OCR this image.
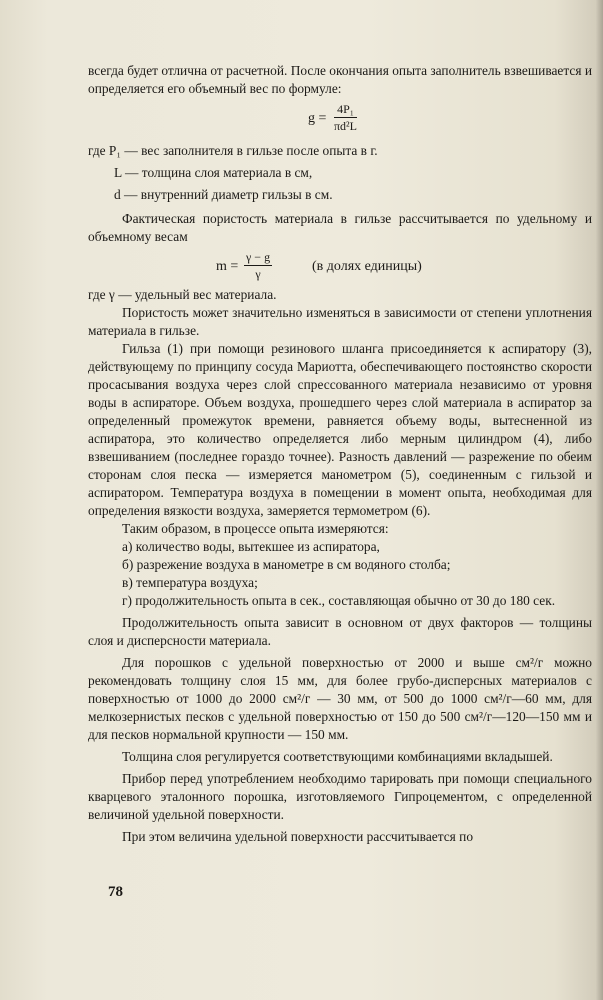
всегда будет отлична от расчетной. После окончания опыта заполнитель взвешивается и определяется его объемный вес по формуле:

$g = \frac{\text{4P₁}}{\text{πd²L}}$

где P₁ — вес заполнителя в гильзе после опыта в г.

L — толщина слоя материала в см,

d — внутренний диаметр гильзы в см.

Фактическая пористость материала в гильзе рассчитывается по удельному и объемному весам

$m = \frac{\gamma - g}{\gamma}$	(в долях единицы)

где γ — удельный вес материала.

Пористость может значительно изменяться в зависимости от степени уплотнения материала в гильзе.

Гильза (1) при помощи резинового шланга присоединяется к аспиратору (3), действующему по принципу сосуда Мариотта, обеспечивающего постоянство скорости просасывания воздуха через слой спрессованного материала независимо от уровня воды в аспираторе. Объем воздуха, прошедшего через слой материала в аспиратор за определенный промежуток времени, равняется объему воды, вытесненной из аспиратора, это количество определяется либо мерным цилиндром (4), либо взвешиванием (последнее гораздо точнее). Разность давлений — разрежение по обеим сторонам слоя песка — измеряется манометром (5), соединенным с гильзой и аспиратором. Температура воздуха в помещении в момент опыта, необходимая для определения вязкости воздуха, замеряется термометром (6).

Таким образом, в процессе опыта измеряются:

а) количество воды, вытекшее из аспиратора,

б) разрежение воздуха в манометре в см водяного столба;

в) температура воздуха;

г) продолжительность опыта в сек., составляющая обычно от 30 до 180 сек.

Продолжительность опыта зависит в основном от двух факторов — толщины слоя и дисперсности материала.

Для порошков с удельной поверхностью от 2000 и выше см²/г можно рекомендовать толщину слоя 15 мм, для более грубо-дисперсных материалов с поверхностью от 1000 до 2000 см²/г — 30 мм, от 500 до 1000 см²/г—60 мм, для мелкозернистых песков с удельной поверхностью от 150 до 500 см²/г—120—150 мм и для песков нормальной крупности — 150 мм.

Толщина слоя регулируется соответствующими комбинациями вкладышей.

Прибор перед употреблением необходимо тарировать при помощи специального кварцевого эталонного порошка, изготовляемого Гипроцементом, с определенной величиной удельной поверхности.

При этом величина удельной поверхности рассчитывается по

78
